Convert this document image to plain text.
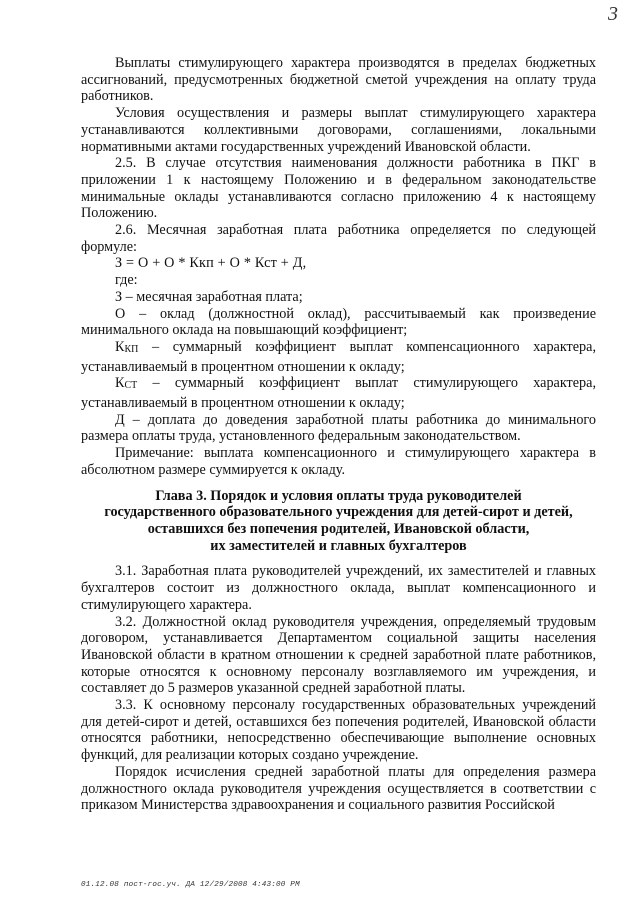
3

Выплаты стимулирующего характера производятся в пределах бюджетных ассигнований, предусмотренных бюджетной сметой учреждения на оплату труда работников.

Условия осуществления и размеры выплат стимулирующего характера устанавливаются коллективными договорами, соглашениями, локальными нормативными актами государственных учреждений Ивановской области.

2.5. В случае отсутствия наименования должности работника в ПКГ в приложении 1 к настоящему Положению и в федеральном законодательстве минимальные оклады устанавливаются согласно приложению 4 к настоящему Положению.

2.6. Месячная заработная плата работника определяется по следующей формуле:

З = О + О * Ккп + О * Кст + Д,

где:

З – месячная заработная плата;

О – оклад (должностной оклад), рассчитываемый как произведение минимального оклада на повышающий коэффициент;

ККП – суммарный коэффициент выплат компенсационного характера, устанавливаемый в процентном отношении к окладу;

КСТ – суммарный коэффициент выплат стимулирующего характера, устанавливаемый в процентном отношении к окладу;

Д – доплата до доведения заработной платы работника до минимального размера оплаты труда, установленного федеральным законодательством.

Примечание: выплата компенсационного и стимулирующего характера в абсолютном размере суммируется к окладу.

Глава 3. Порядок и условия оплаты труда руководителей
государственного образовательного учреждения для детей-сирот и детей,
оставшихся без попечения родителей, Ивановской области,
их заместителей и главных бухгалтеров

3.1. Заработная плата руководителей учреждений, их заместителей и главных бухгалтеров состоит из должностного оклада, выплат компенсационного и стимулирующего характера.

3.2. Должностной оклад руководителя учреждения, определяемый трудовым договором, устанавливается Департаментом социальной защиты населения Ивановской области в кратном отношении к средней заработной плате работников, которые относятся к основному персоналу возглавляемого им учреждения, и составляет до 5 размеров указанной средней заработной платы.

3.3. К основному персоналу государственных образовательных учреждений для детей-сирот и детей, оставшихся без попечения родителей, Ивановской области относятся работники, непосредственно обеспечивающие выполнение основных функций, для реализации которых создано учреждение.

Порядок исчисления средней заработной платы для определения размера должностного оклада руководителя учреждения осуществляется в соответствии с приказом Министерства здравоохранения и социального развития Российской

01.12.08 пост-гос.уч. ДА 12/29/2008 4:43:00 PM
